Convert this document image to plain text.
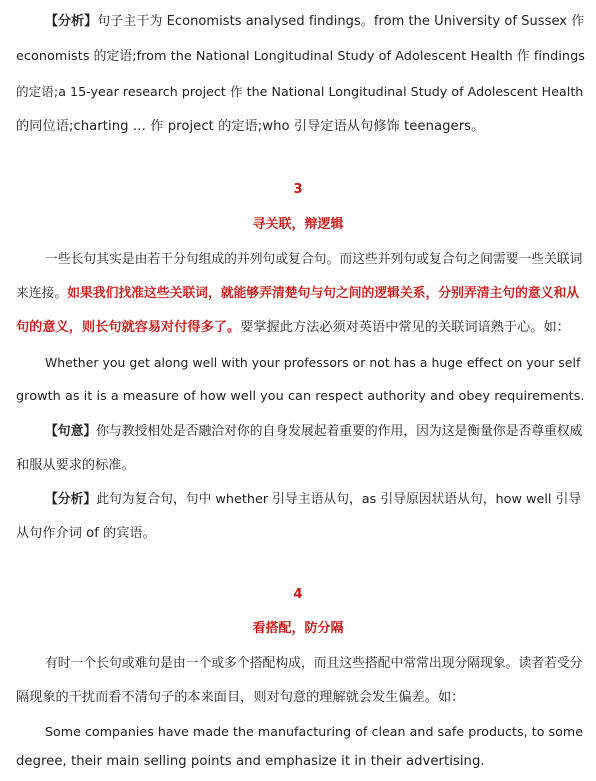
【分析】句子主干为 Economists analysed findings。from the University of Sussex 作
economists 的定语;from the National Longitudinal Study of Adolescent Health 作 findings
的定语;a 15-year research project 作 the National Longitudinal Study of Adolescent Health
的同位语;charting … 作 project 的定语;who 引导定语从句修饰 teenagers。
3
寻关联，辩逻辑
一些长句其实是由若干分句组成的并列句或复合句。而这些并列句或复合句之间需要一些关联词
来连接。如果我们找准这些关联词，就能够弄清楚句与句之间的逻辑关系，分别弄清主句的意义和从
句的意义，则长句就容易对付得多了。要掌握此方法必须对英语中常见的关联词谙熟于心。如：
Whether you get along well with your professors or not has a huge effect on your self
growth as it is a measure of how well you can respect authority and obey requirements.
【句意】你与教授相处是否融洽对你的自身发展起着重要的作用，因为这是衡量你是否尊重权威
和服从要求的标准。
【分析】此句为复合句，句中 whether 引导主语从句，as 引导原因状语从句，how well 引导
从句作介词 of 的宾语。
4
看搭配，防分隔
有时一个长句或难句是由一个或多个搭配构成，而且这些搭配中常常出现分隔现象。读者若受分
隔现象的干扰而看不清句子的本来面目，则对句意的理解就会发生偏差。如：
Some companies have made the manufacturing of clean and safe products, to some
degree, their main selling points and emphasize it in their advertising.
